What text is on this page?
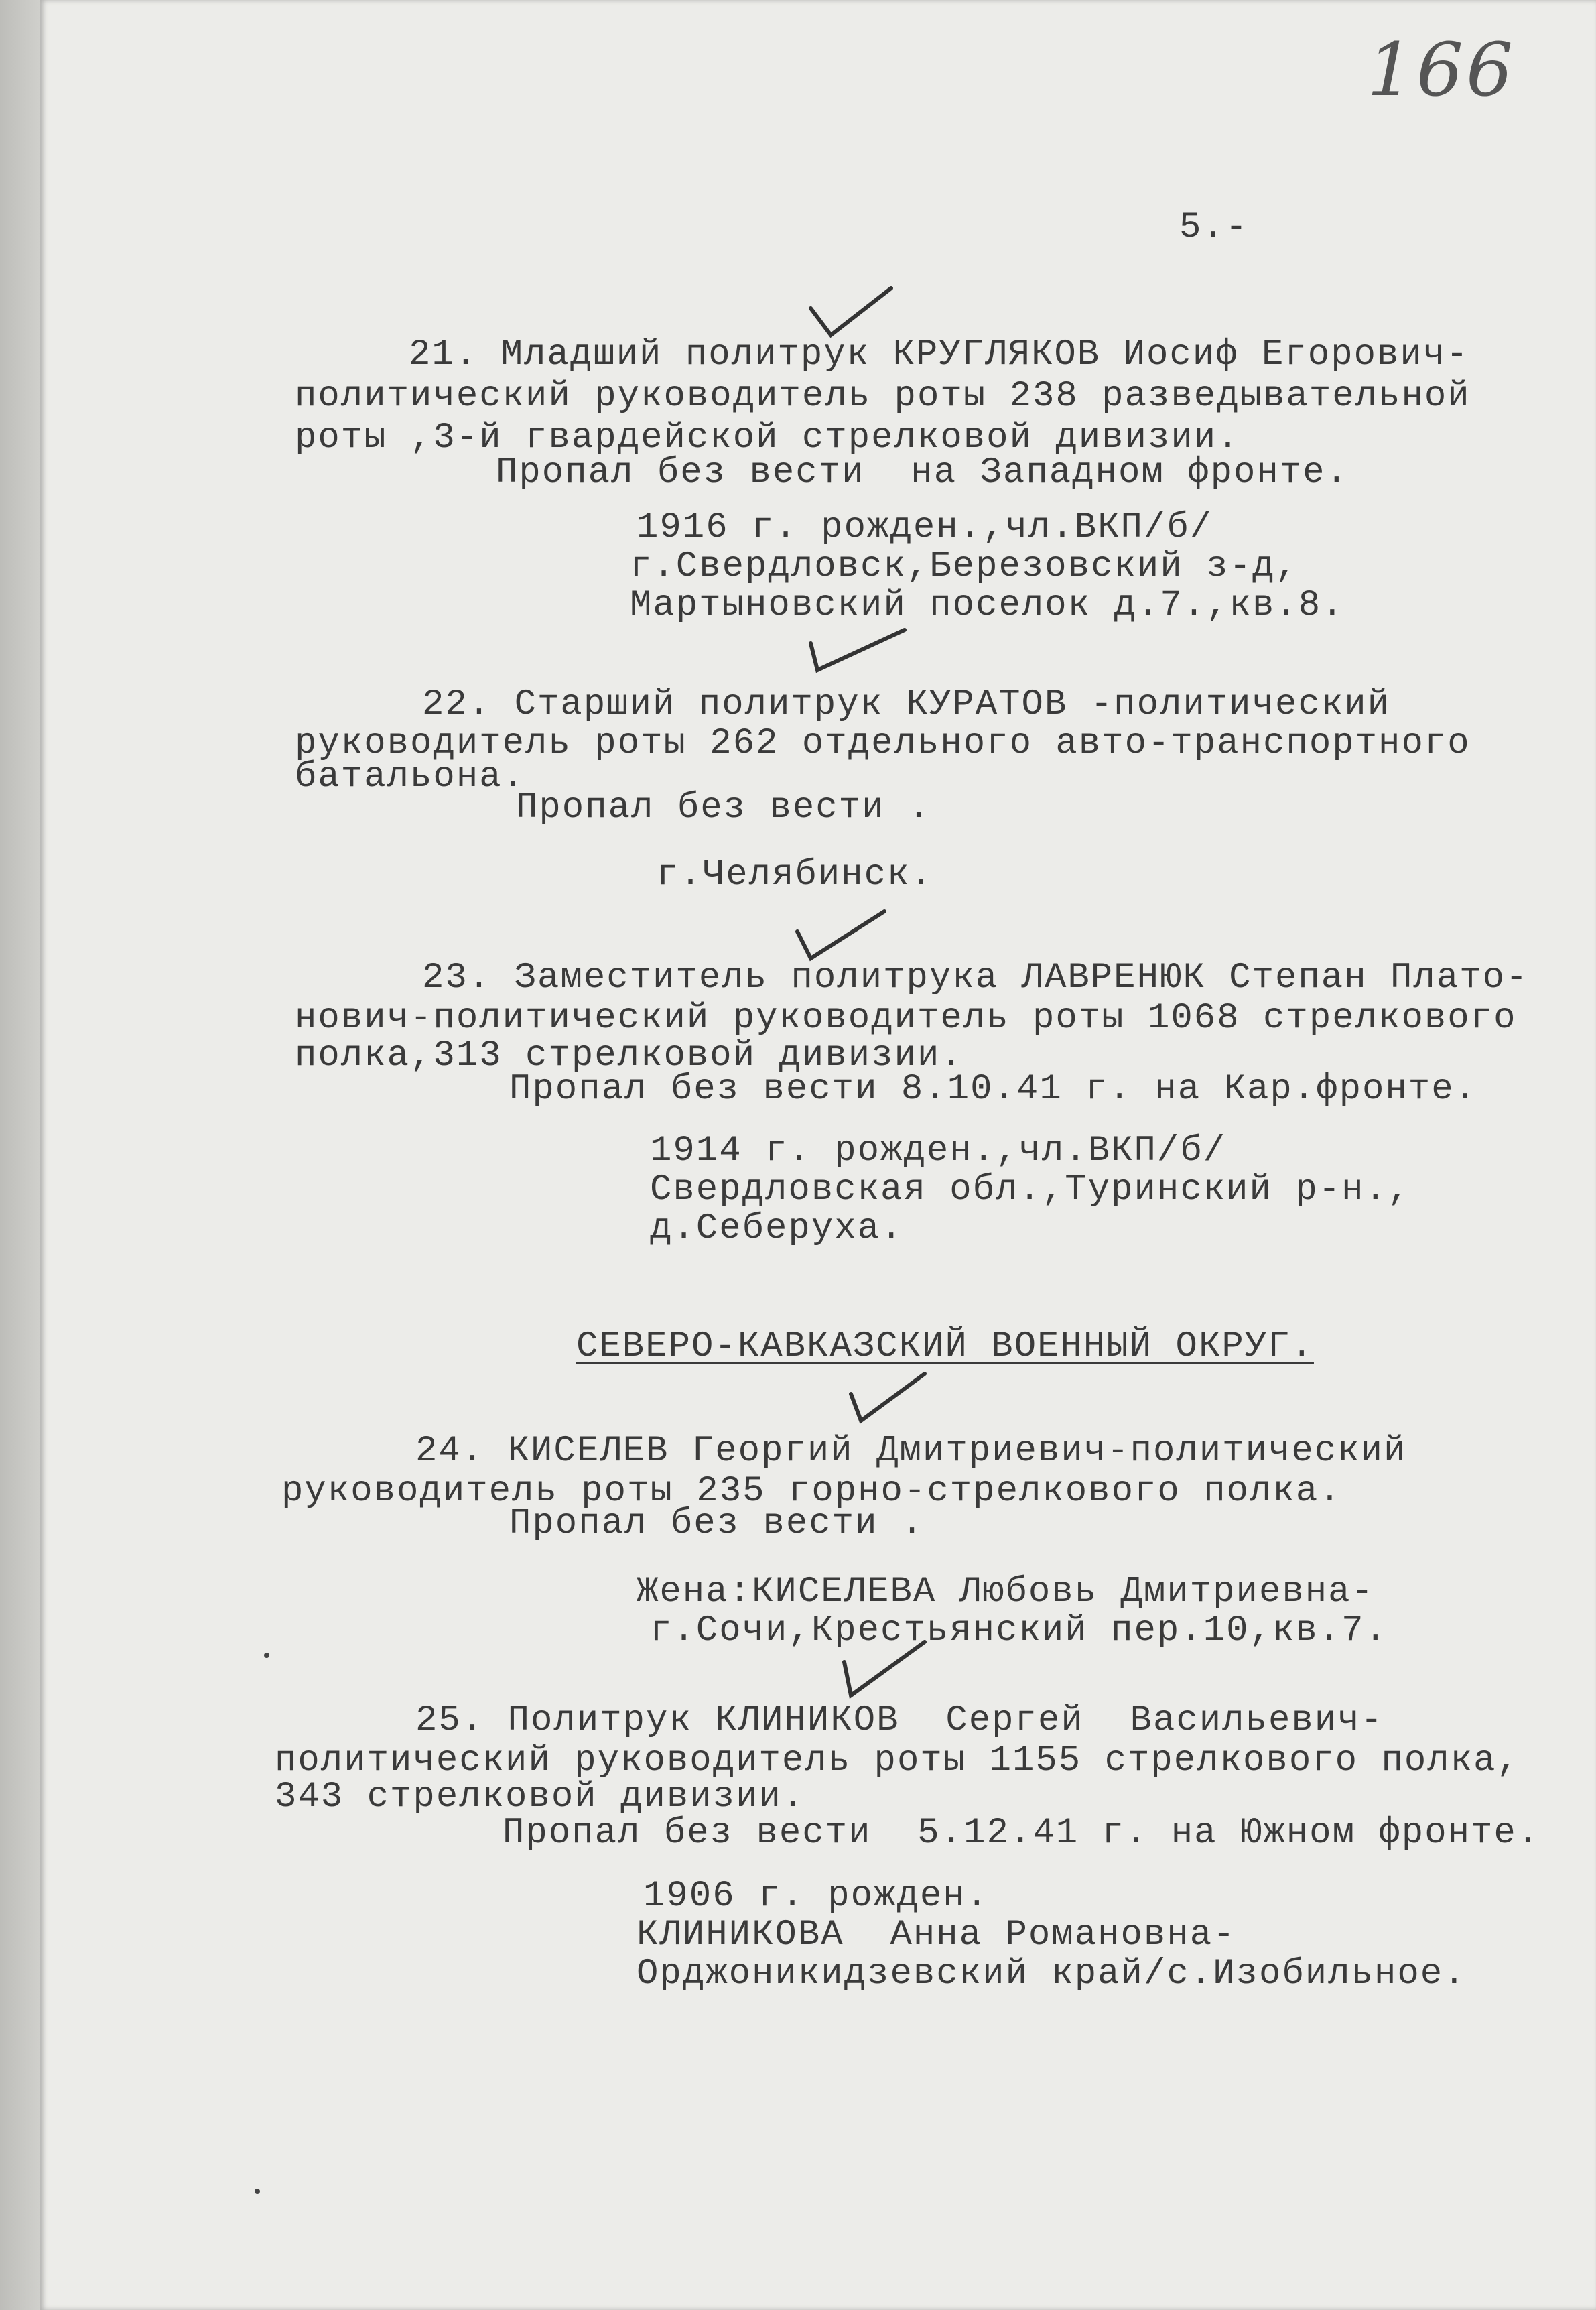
166
5.-
21. Младший политрук КРУГЛЯКОВ Иосиф Егорович-
политический руководитель роты 238 разведывательной
роты ,3-й гвардейской стрелковой дивизии.
Пропал без вести  на Западном фронте.
1916 г. рожден.,чл.ВКП/б/
г.Свердловск,Березовский з-д,
Мартыновский поселок д.7.,кв.8.
22. Старший политрук КУРАТОВ -политический
руководитель роты 262 отдельного авто-транспортного
батальона.
Пропал без вести .
г.Челябинск.
23. Заместитель политрука ЛАВРЕНЮК Степан Плато-
нович-политический руководитель роты 1068 стрелкового
полка,313 стрелковой дивизии.
Пропал без вести 8.10.41 г. на Кар.фронте.
1914 г. рожден.,чл.ВКП/б/
Свердловская обл.,Туринский р-н.,
д.Себеруха.
СЕВЕРО-КАВКАЗСКИЙ ВОЕННЫЙ ОКРУГ.
24. КИСЕЛЕВ Георгий Дмитриевич-политический
руководитель роты 235 горно-стрелкового полка.
Пропал без вести .
Жена:КИСЕЛЕВА Любовь Дмитриевна-
г.Сочи,Крестьянский пер.10,кв.7.
25. Политрук КЛИНИКОВ  Сергей  Васильевич-
политический руководитель роты 1155 стрелкового полка,
343 стрелковой дивизии.
Пропал без вести  5.12.41 г. на Южном фронте.
1906 г. рожден.
КЛИНИКОВА  Анна Романовна-
Орджоникидзевский край/с.Изобильное.
